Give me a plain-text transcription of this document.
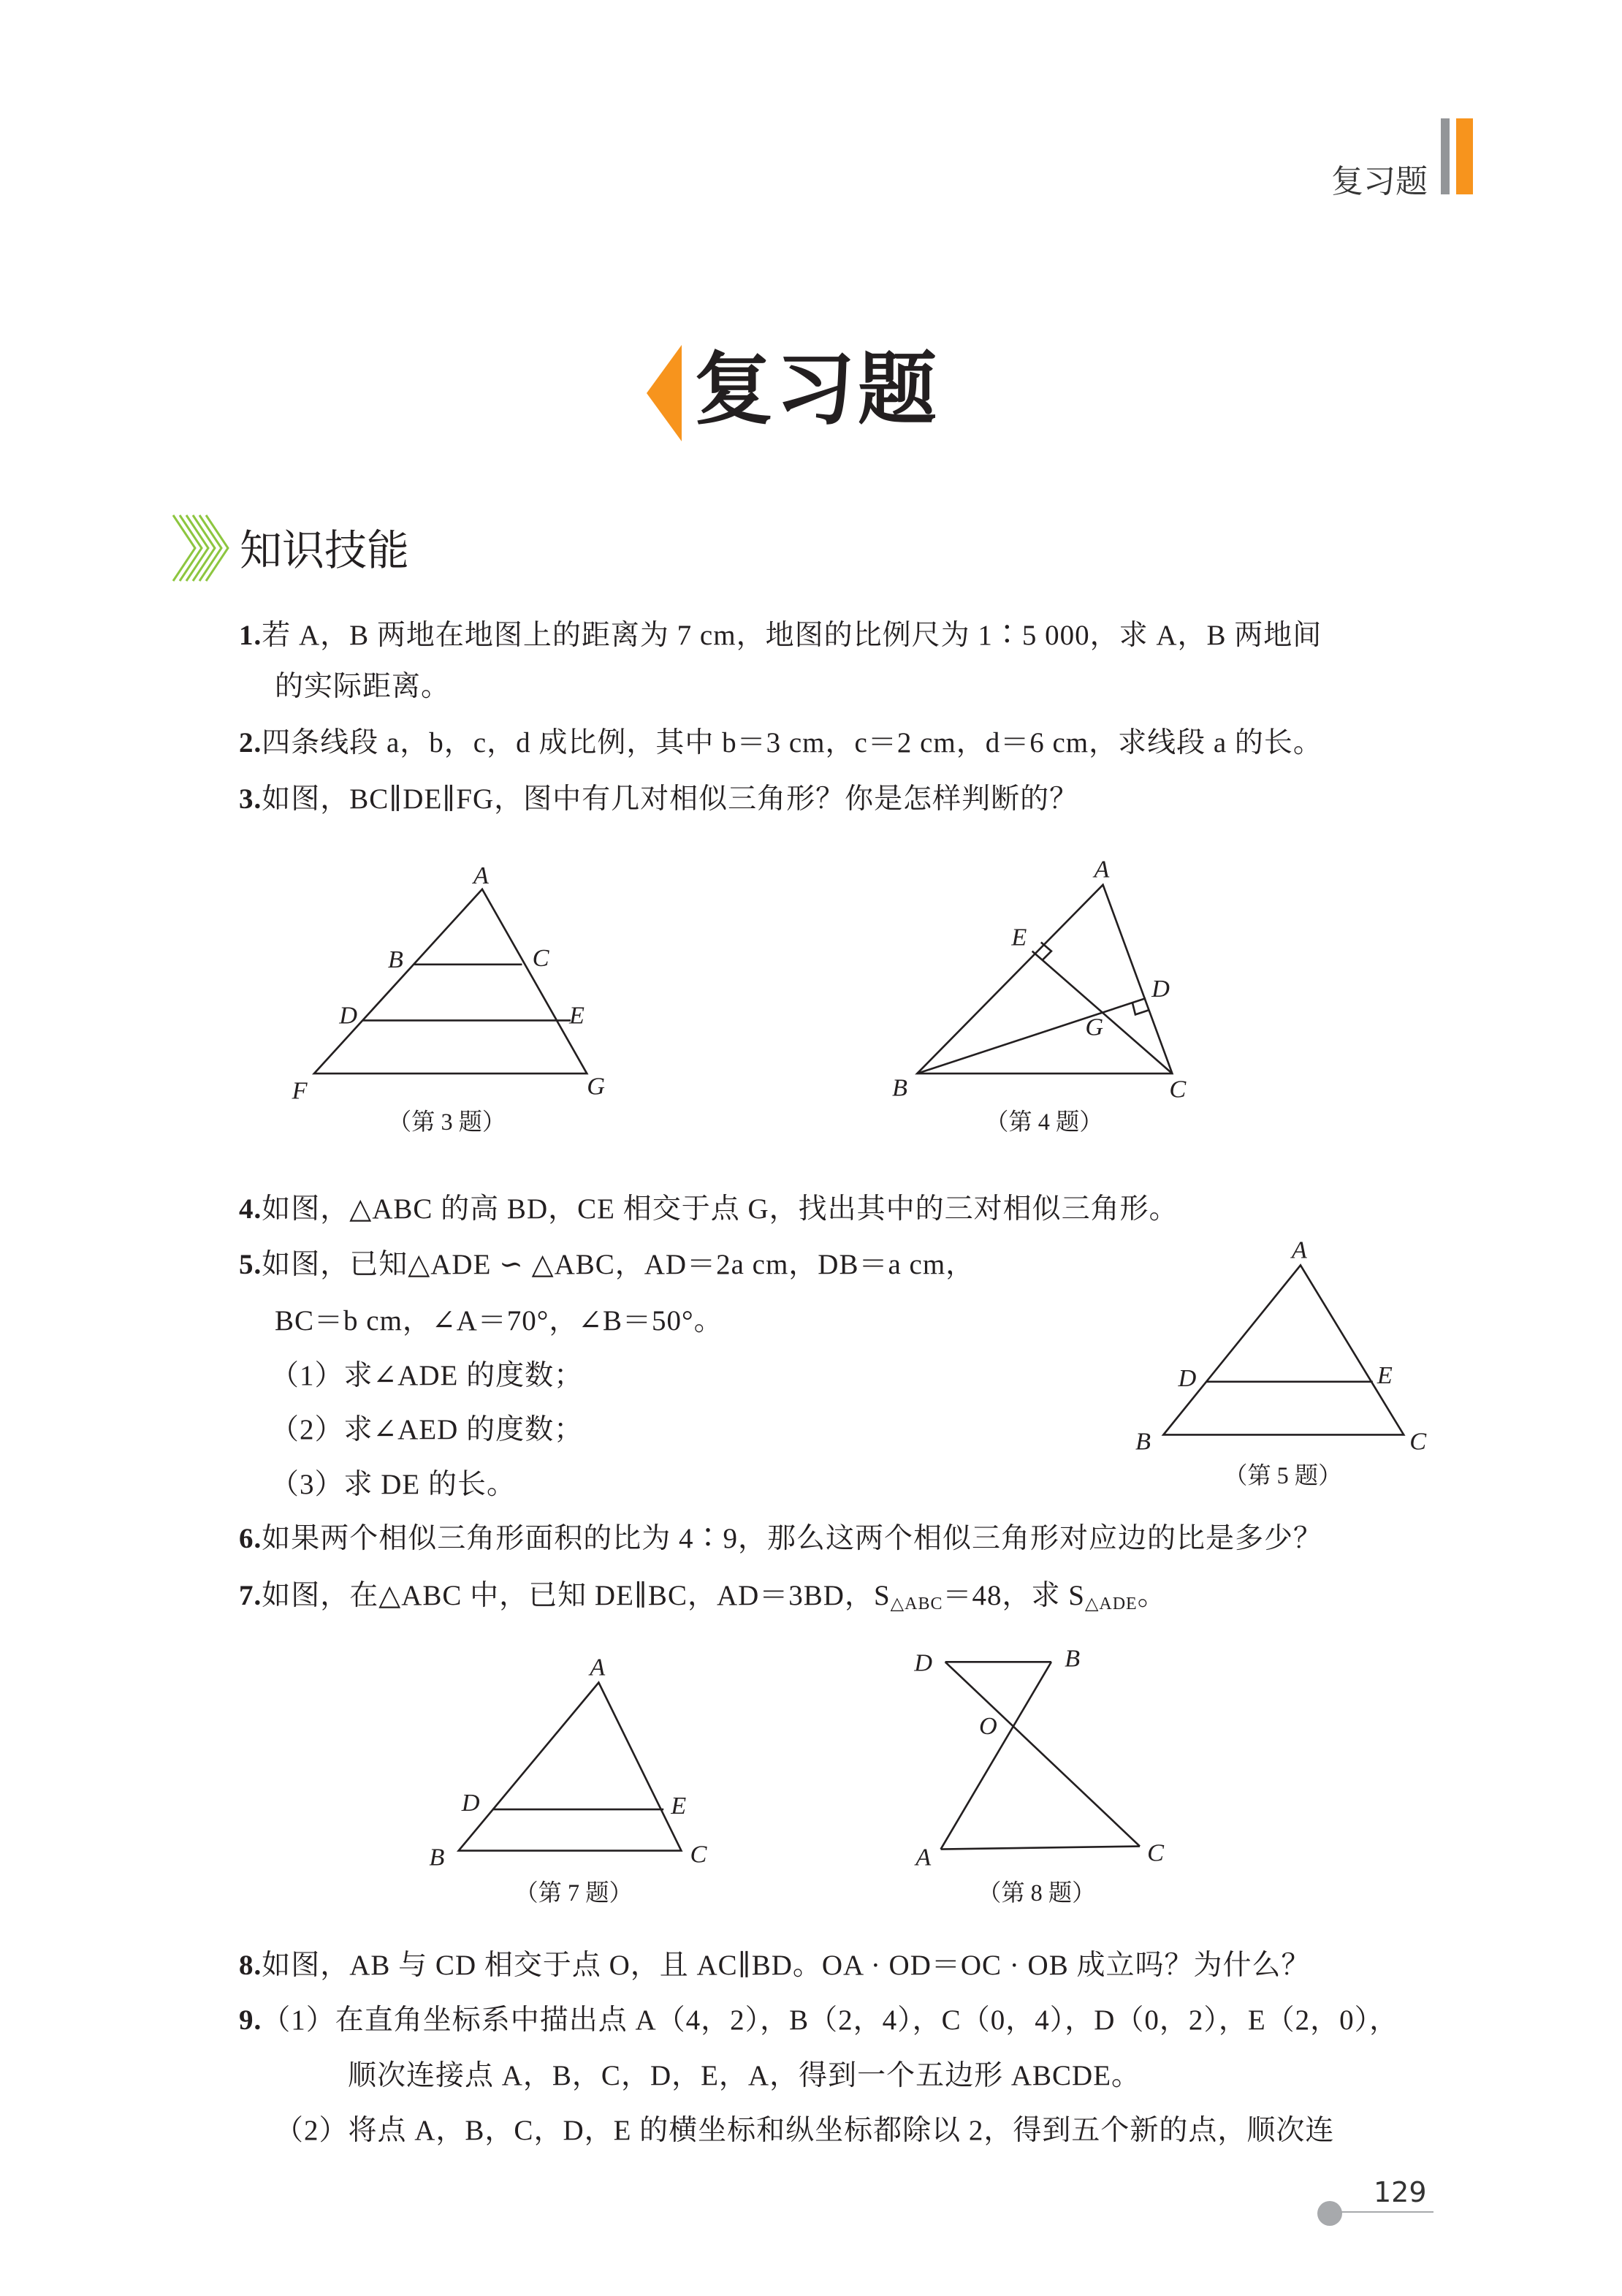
复习题
复习题
知识技能
1.若 A，B 两地在地图上的距离为 7 cm，地图的比例尺为 1∶5 000，求 A，B 两地间
的实际距离。
2.四条线段 a，b，c，d 成比例，其中 b＝3 cm，c＝2 cm，d＝6 cm，求线段 a 的长。
3.如图，BC∥DE∥FG，图中有几对相似三角形？你是怎样判断的？
4.如图，△ABC 的高 BD，CE 相交于点 G，找出其中的三对相似三角形。
5.如图，已知△ADE ∽ △ABC，AD＝2a cm，DB＝a cm，
BC＝b cm，∠A＝70°，∠B＝50°。
（1）求∠ADE 的度数；
（2）求∠AED 的度数；
（3）求 DE 的长。
6.如果两个相似三角形面积的比为 4∶9，那么这两个相似三角形对应边的比是多少？
7.如图，在△ABC 中，已知 DE∥BC，AD＝3BD，$S_{\triangle ABC}=48$，求 $S_{\triangle ADE}$。
8.如图，AB 与 CD 相交于点 O，且 AC∥BD。OA · OD＝OC · OB 成立吗？为什么？
9.（1）在直角坐标系中描出点 A（4，2），B（2，4），C（0，4），D（0，2），E（2，0），
顺次连接点 A，B，C，D，E，A，得到一个五边形 ABCDE。
（2）将点 A，B，C，D，E 的横坐标和纵坐标都除以 2，得到五个新的点，顺次连
A
B	C
D	E
F	G
（第 3 题）
A
E
D
G
B	C
（第 4 题）
A
D	E
B	C
（第 5 题）
A
D	E
B	C
（第 7 题）
D	B
O
A	C
（第 8 题）
129
